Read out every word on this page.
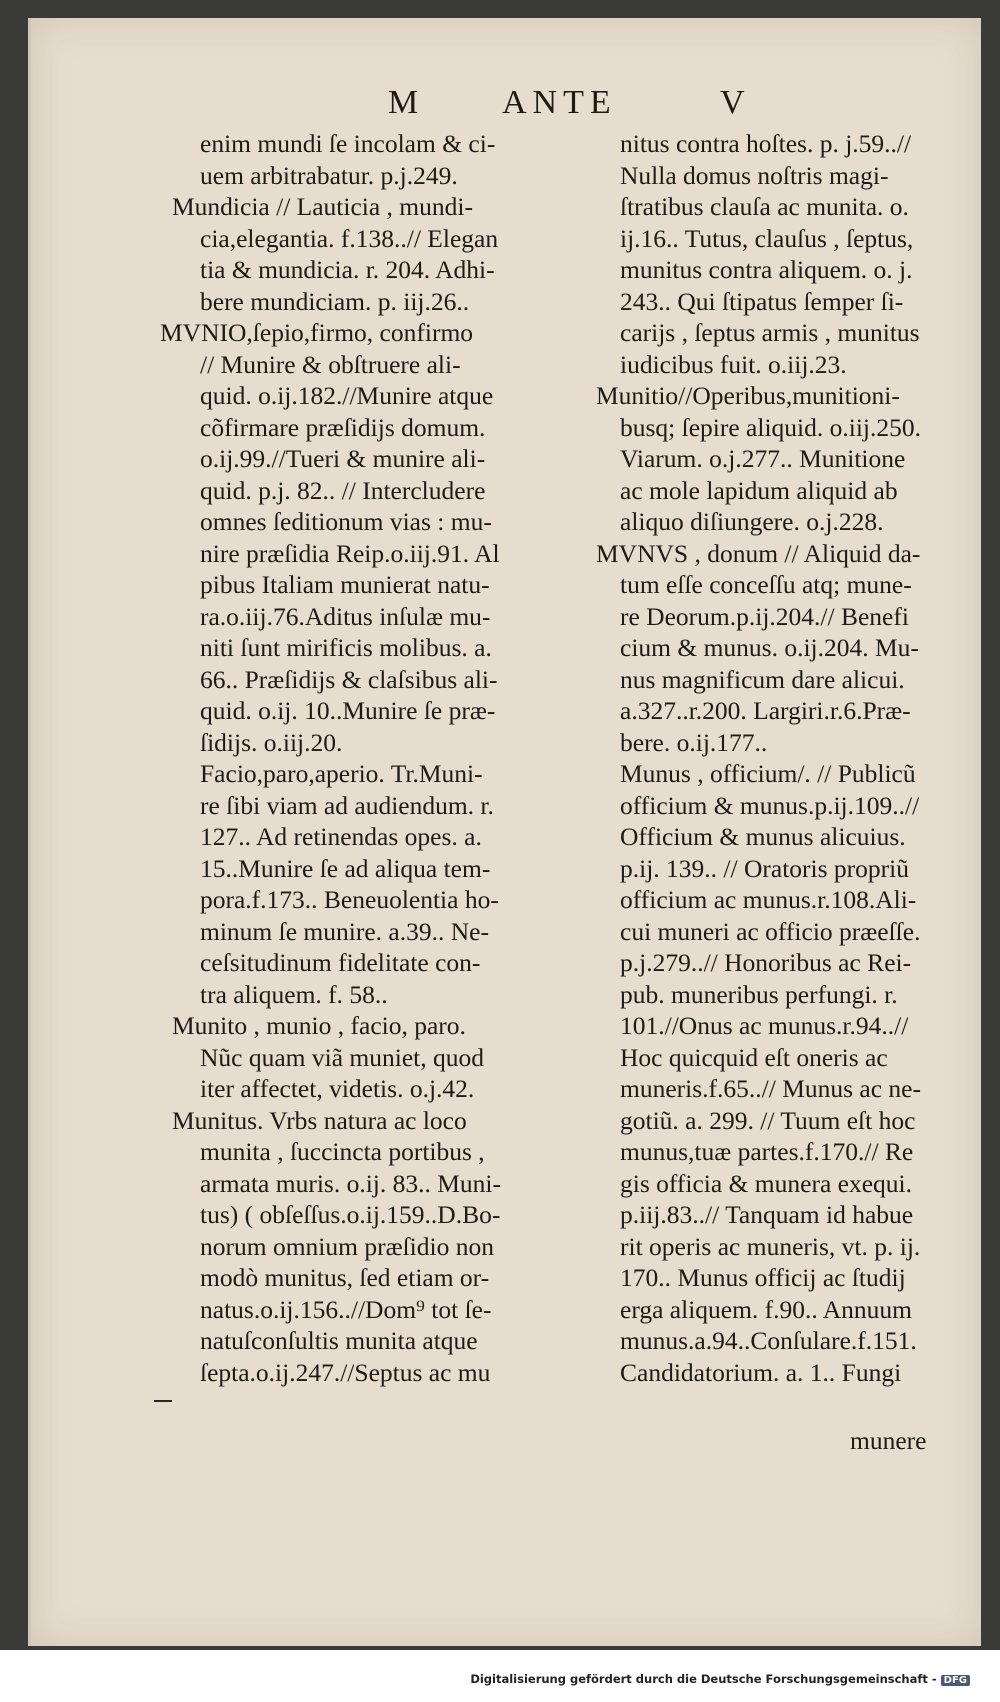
M ANTE	V
enim mundi ſe incolam & ci-
uem arbitrabatur. p.j.249.
Mundicia // Lauticia , mundi-
cia,elegantia. f.138..// Elegan
tia & mundicia. r. 204. Adhi-
bere mundiciam. p. iij.26..
MVNIO,ſepio,firmo, confirmo
// Munire & obſtruere ali-
quid. o.ij.182.//Munire atque
cõfirmare præſidijs domum.
o.ij.99.//Tueri & munire ali-
quid. p.j. 82.. // Intercludere
omnes ſeditionum vias : mu-
nire præſidia Reip.o.iij.91. Al
pibus Italiam munierat natu-
ra.o.iij.76.Aditus inſulæ mu-
niti ſunt mirificis molibus. a.
66.. Præſidijs & claſsibus ali-
quid. o.ij. 10..Munire ſe præ-
ſidijs. o.iij.20.
Facio,paro,aperio. Tr.Muni-
re ſibi viam ad audiendum. r.
127.. Ad retinendas opes. a.
15..Munire ſe ad aliqua tem-
pora.f.173.. Beneuolentia ho-
minum ſe munire. a.39.. Ne-
ceſsitudinum fidelitate con-
tra aliquem. f. 58..
Munito , munio , facio, paro.
Nũc quam viã muniet, quod
iter affectet, videtis. o.j.42.
Munitus. Vrbs natura ac loco
munita , ſuccincta portibus ,
armata muris. o.ij. 83.. Muni-
tus) ( obſeſſus.o.ij.159..D.Bo-
norum omnium præſidio non
modò munitus, ſed etiam or-
natus.o.ij.156..//Dom⁹ tot ſe-
natuſconſultis munita atque
ſepta.o.ij.247.//Septus ac mu
nitus contra hoſtes. p. j.59..//
Nulla domus noſtris magi-
ſtratibus clauſa ac munita. o.
ij.16.. Tutus, clauſus , ſeptus,
munitus contra aliquem. o. j.
243.. Qui ſtipatus ſemper ſi-
carijs , ſeptus armis , munitus
iudicibus fuit. o.iij.23.
Munitio//Operibus,munitioni-
busq; ſepire aliquid. o.iij.250.
Viarum. o.j.277.. Munitione
ac mole lapidum aliquid ab
aliquo diſiungere. o.j.228.
MVNVS , donum // Aliquid da-
tum eſſe conceſſu atq; mune-
re Deorum.p.ij.204.// Benefi
cium & munus. o.ij.204. Mu-
nus magnificum dare alicui.
a.327..r.200. Largiri.r.6.Præ-
bere. o.ij.177..
Munus , officium/. // Publicũ
officium & munus.p.ij.109..//
Officium & munus alicuius.
p.ij. 139.. // Oratoris propriũ
officium ac munus.r.108.Ali-
cui muneri ac officio præeſſe.
p.j.279..// Honoribus ac Rei-
pub. muneribus perfungi. r.
101.//Onus ac munus.r.94..//
Hoc quicquid eſt oneris ac
muneris.f.65..// Munus ac ne-
gotiũ. a. 299. // Tuum eſt hoc
munus,tuæ partes.f.170.// Re
gis officia & munera exequi.
p.iij.83..// Tanquam id habue
rit operis ac muneris, vt. p. ij.
170.. Munus officij ac ſtudij
erga aliquem. f.90.. Annuum
munus.a.94..Conſulare.f.151.
Candidatorium. a. 1.. Fungi
munere
Digitalisierung gefördert durch die Deutsche Forschungsgemeinschaft - DFG
